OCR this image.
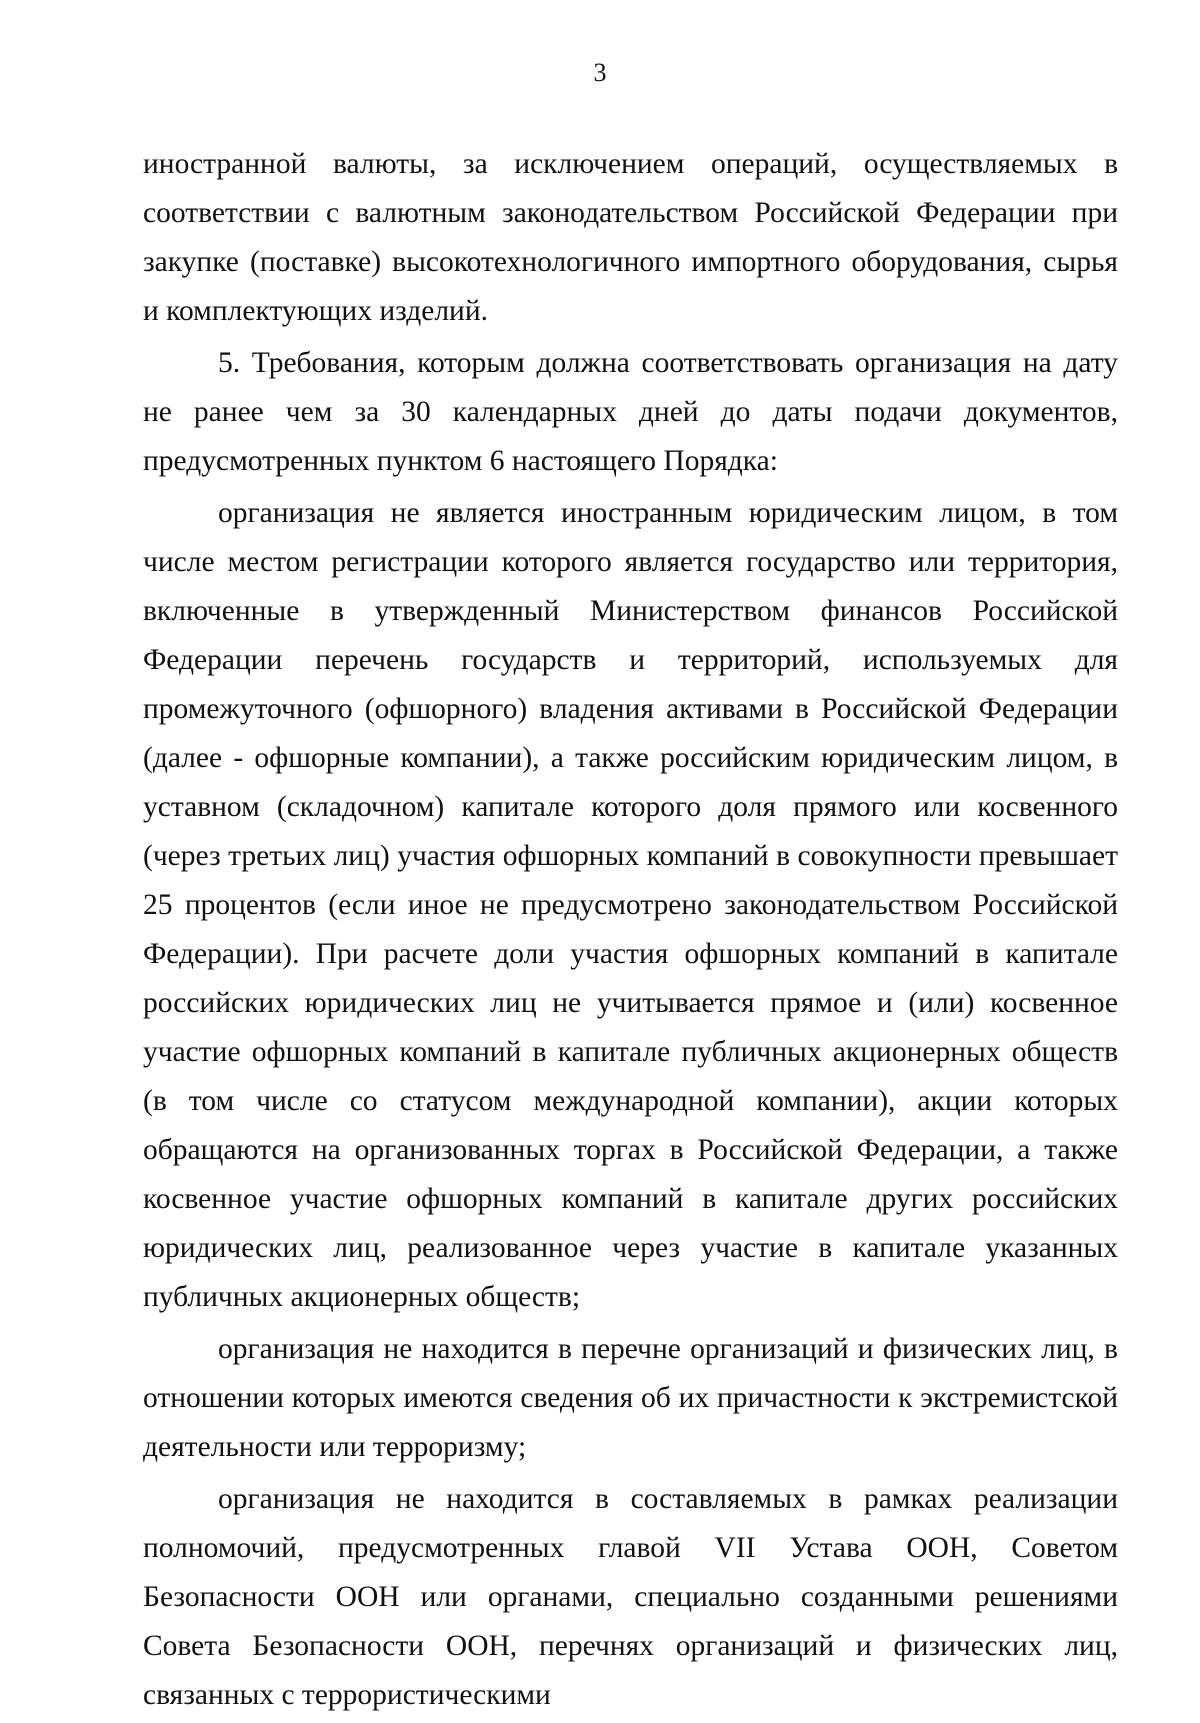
3

иностранной валюты, за исключением операций, осуществляемых в соответствии с валютным законодательством Российской Федерации при закупке (поставке) высокотехнологичного импортного оборудования, сырья и комплектующих изделий.

5. Требования, которым должна соответствовать организация на дату не ранее чем за 30 календарных дней до даты подачи документов, предусмотренных пунктом 6 настоящего Порядка:

организация не является иностранным юридическим лицом, в том числе местом регистрации которого является государство или территория, включенные в утвержденный Министерством финансов Российской Федерации перечень государств и территорий, используемых для промежуточного (офшорного) владения активами в Российской Федерации (далее - офшорные компании), а также российским юридическим лицом, в уставном (складочном) капитале которого доля прямого или косвенного (через третьих лиц) участия офшорных компаний в совокупности превышает 25 процентов (если иное не предусмотрено законодательством Российской Федерации). При расчете доли участия офшорных компаний в капитале российских юридических лиц не учитывается прямое и (или) косвенное участие офшорных компаний в капитале публичных акционерных обществ (в том числе со статусом международной компании), акции которых обращаются на организованных торгах в Российской Федерации, а также косвенное участие офшорных компаний в капитале других российских юридических лиц, реализованное через участие в капитале указанных публичных акционерных обществ;

организация не находится в перечне организаций и физических лиц, в отношении которых имеются сведения об их причастности к экстремистской деятельности или терроризму;

организация не находится в составляемых в рамках реализации полномочий, предусмотренных главой VII Устава ООН, Советом Безопасности ООН или органами, специально созданными решениями Совета Безопасности ООН, перечнях организаций и физических лиц, связанных с террористическими
